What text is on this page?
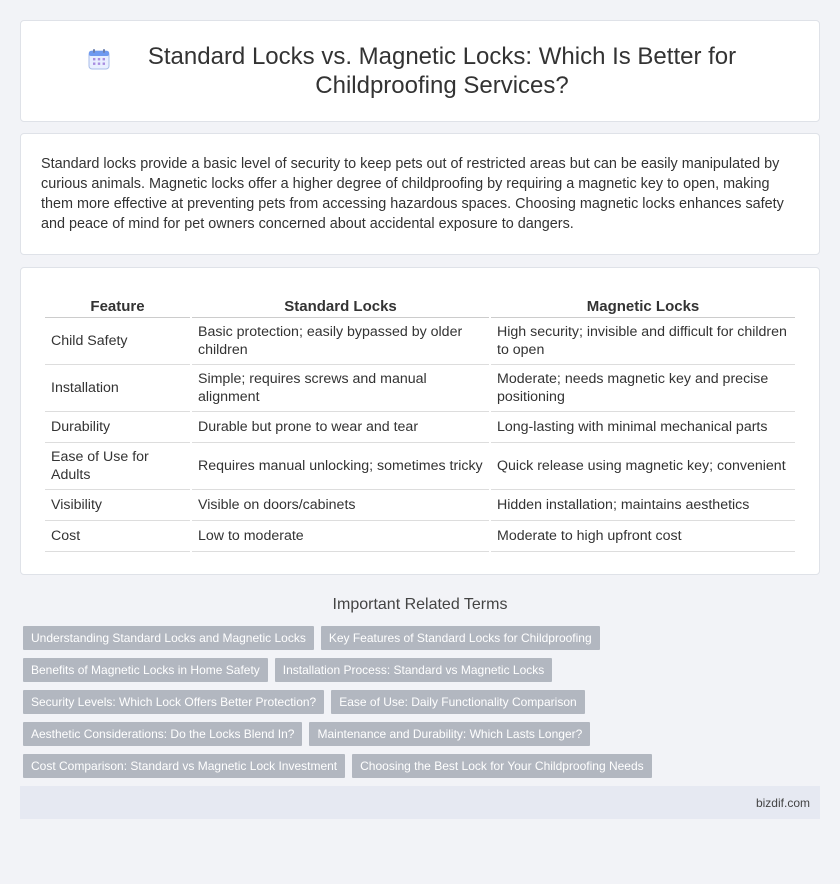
Standard Locks vs. Magnetic Locks: Which Is Better for Childproofing Services?

Standard locks provide a basic level of security to keep pets out of restricted areas but can be easily manipulated by curious animals. Magnetic locks offer a higher degree of childproofing by requiring a magnetic key to open, making them more effective at preventing pets from accessing hazardous spaces. Choosing magnetic locks enhances safety and peace of mind for pet owners concerned about accidental exposure to dangers.

Feature	Standard Locks	Magnetic Locks
Child Safety	Basic protection; easily bypassed by older children	High security; invisible and difficult for children to open
Installation	Simple; requires screws and manual alignment	Moderate; needs magnetic key and precise positioning
Durability	Durable but prone to wear and tear	Long-lasting with minimal mechanical parts
Ease of Use for Adults	Requires manual unlocking; sometimes tricky	Quick release using magnetic key; convenient
Visibility	Visible on doors/cabinets	Hidden installation; maintains aesthetics
Cost	Low to moderate	Moderate to high upfront cost
Important Related Terms
Understanding Standard Locks and Magnetic Locks	Key Features of Standard Locks for Childproofing
Benefits of Magnetic Locks in Home Safety	Installation Process: Standard vs Magnetic Locks
Security Levels: Which Lock Offers Better Protection?	Ease of Use: Daily Functionality Comparison
Aesthetic Considerations: Do the Locks Blend In?	Maintenance and Durability: Which Lasts Longer?
Cost Comparison: Standard vs Magnetic Lock Investment	Choosing the Best Lock for Your Childproofing Needs
bizdif.com
